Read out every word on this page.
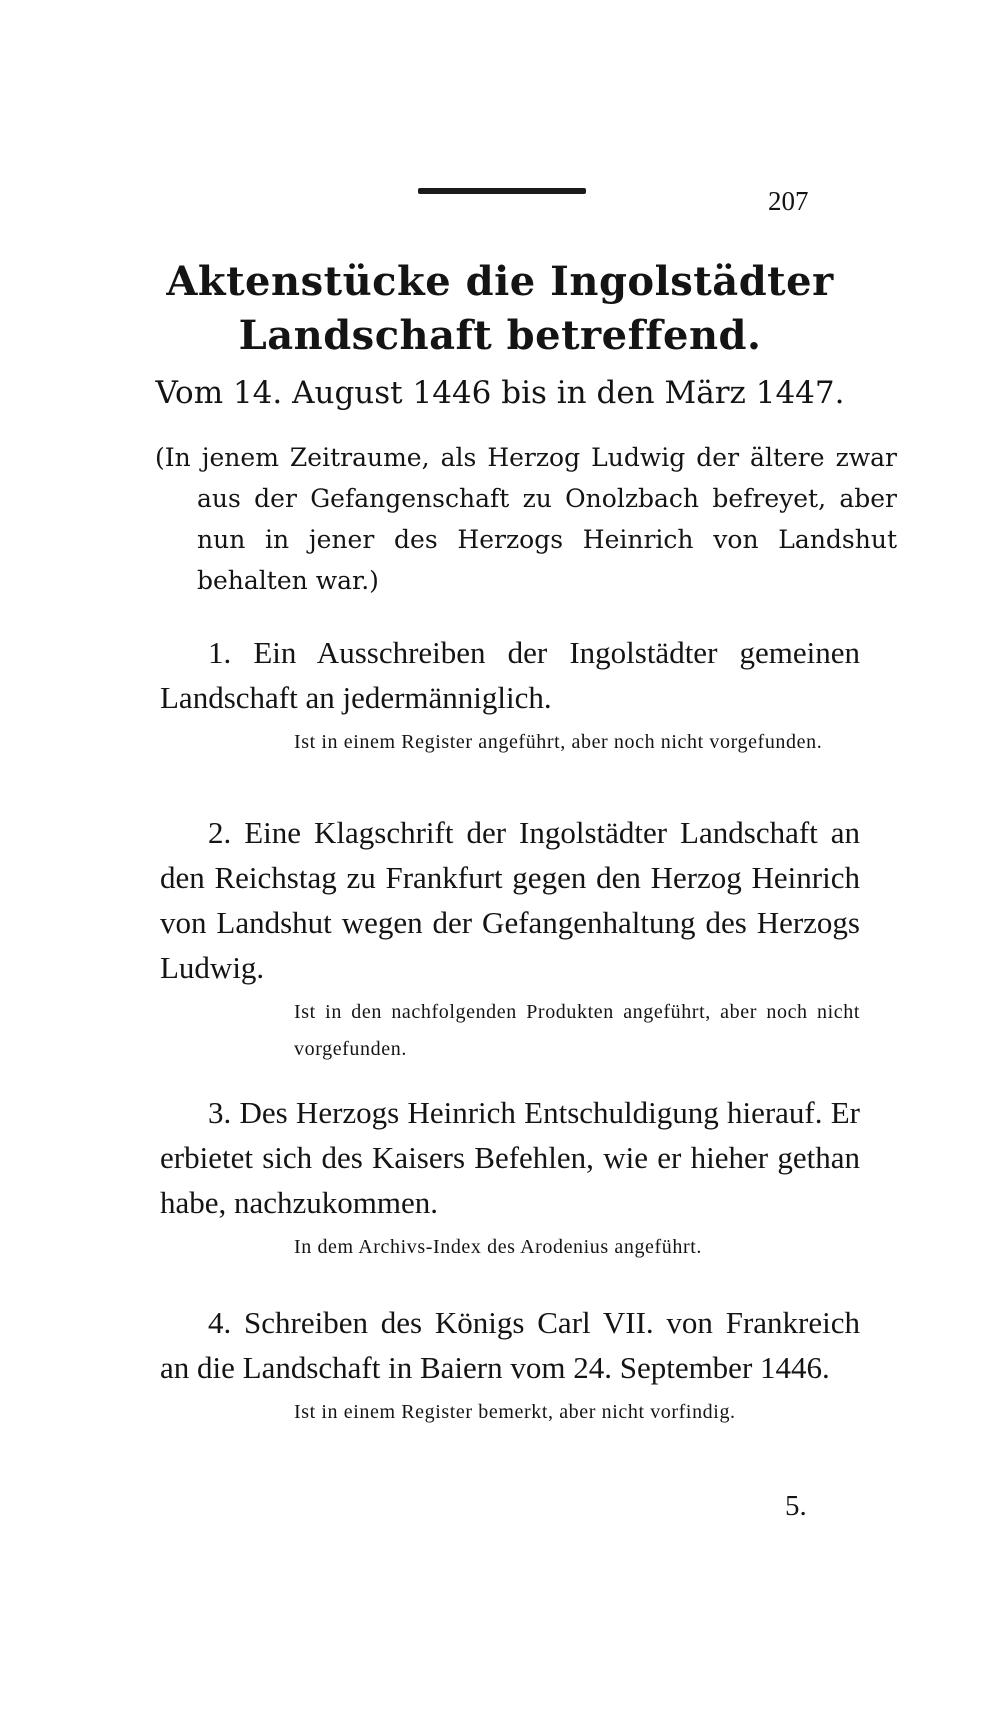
207
Aktenstücke die Ingolstädter Landschaft betreffend.
Vom 14. August 1446 bis in den März 1447.
(In jenem Zeitraume, als Herzog Ludwig der ältere zwar aus der Gefangenschaft zu Onolzbach befreyet, aber nun in jener des Herzogs Heinrich von Landshut behalten war.)

1. Ein Ausschreiben der Ingolstädter gemeinen Landschaft an jedermänniglich.

Ist in einem Register angeführt, aber noch nicht vorgefunden.

2. Eine Klagschrift der Ingolstädter Landschaft an den Reichstag zu Frankfurt gegen den Herzog Heinrich von Landshut wegen der Gefangenhaltung des Herzogs Ludwig.

Ist in den nachfolgenden Produkten angeführt, aber noch nicht vorgefunden.

3. Des Herzogs Heinrich Entschuldigung hierauf. Er erbietet sich des Kaisers Befehlen, wie er hieher gethan habe, nachzukommen.

In dem Archivs-Index des Arodenius angeführt.

4. Schreiben des Königs Carl VII. von Frankreich an die Landschaft in Baiern vom 24. September 1446.

Ist in einem Register bemerkt, aber nicht vorfindig.

5.
